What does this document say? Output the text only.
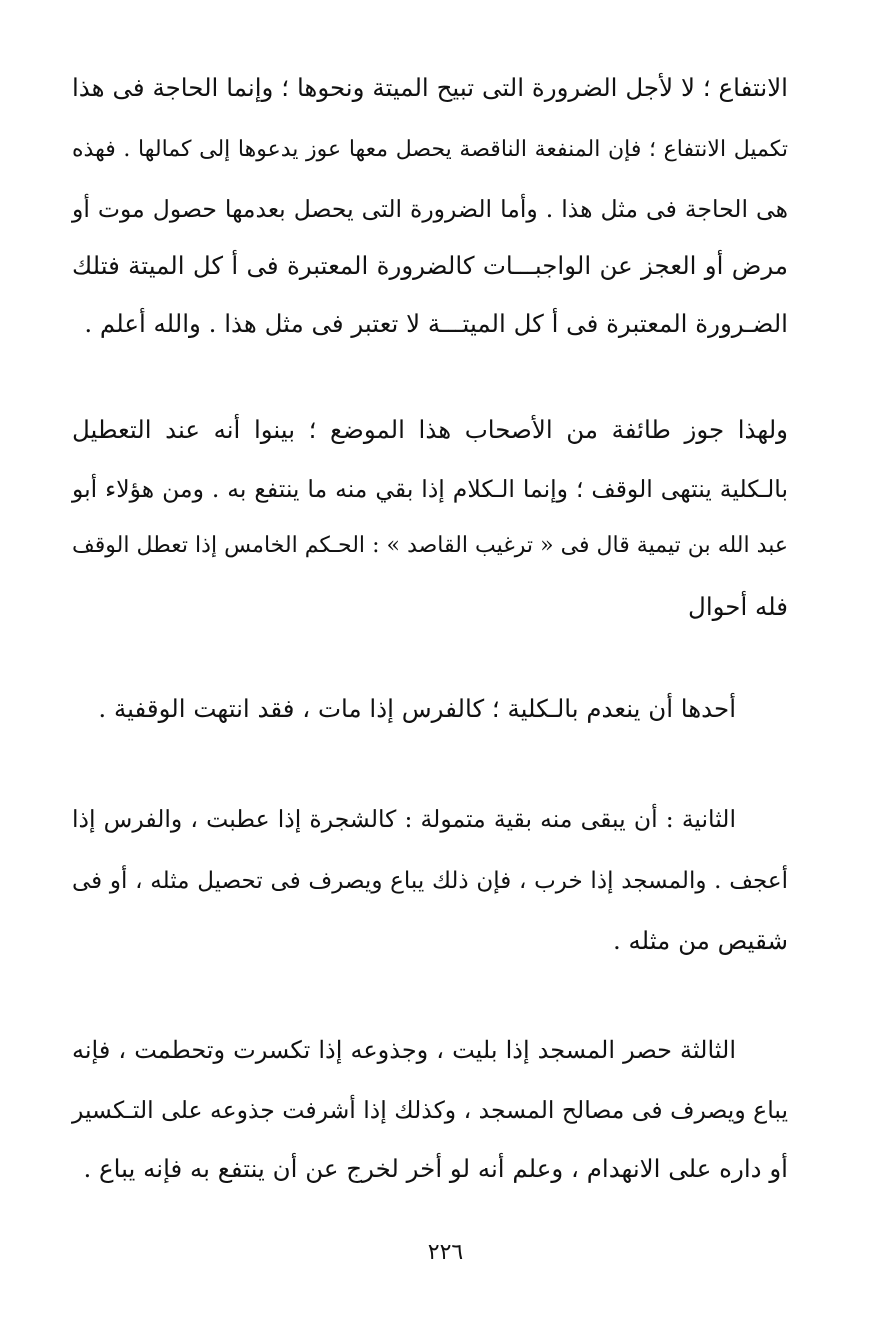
الانتفاع ؛ لا لأجل الضرورة التى تبيح الميتة ونحوها ؛ وإنما الحاجة فى هذا
تكميل الانتفاع ؛ فإن المنفعة الناقصة يحصل معها عوز يدعوها إلى كمالها . فهذه
هى الحاجة فى مثل هذا . وأما الضرورة التى يحصل بعدمها حصول موت أو
مرض أو العجز عن الواجبـــات كالضرورة المعتبرة فى أ كل الميتة فتلك
الضـرورة المعتبرة فى أ كل الميتـــة لا تعتبر فى مثل هذا . والله أعلم .
ولهذا جوز طائفة من الأصحاب هذا الموضع ؛ بينوا أنه عند التعطيل
بالـكلية ينتهى الوقف ؛ وإنما الـكلام إذا بقي منه ما ينتفع به . ومن هؤلاء أبو
عبد الله بن تيمية قال فى « ترغيب القاصد » : الحـكم الخامس إذا تعطل الوقف
فله أحوال
أحدها أن ينعدم بالـكلية ؛ كالفرس إذا مات ، فقد انتهت الوقفية .
الثانية : أن يبقى منه بقية متمولة : كالشجرة إذا عطبت ، والفرس إذا
أعجف . والمسجد إذا خرب ، فإن ذلك يباع ويصرف فى تحصيل مثله ، أو فى
شقيص من مثله .
الثالثة حصر المسجد إذا بليت ، وجذوعه إذا تكسرت وتحطمت ، فإنه
يباع ويصرف فى مصالح المسجد ، وكذلك إذا أشرفت جذوعه على التـكسير
أو داره على الانهدام ، وعلم أنه لو أخر لخرج عن أن ينتفع به فإنه يباع .
٢٢٦
